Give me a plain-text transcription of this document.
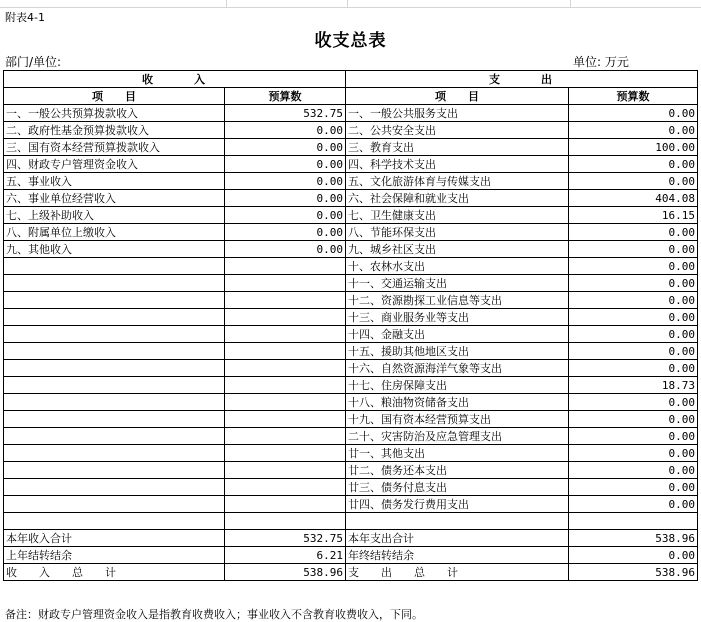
附表4-1
收支总表
部门/单位:	单位: 万元
收　　　入		支　　　出	
项　　目	预算数	项　　目	预算数
一、一般公共预算拨款收入	532.75	一、一般公共服务支出	0.00
二、政府性基金预算拨款收入	0.00	二、公共安全支出	0.00
三、国有资本经营预算拨款收入	0.00	三、教育支出	100.00
四、财政专户管理资金收入	0.00	四、科学技术支出	0.00
五、事业收入	0.00	五、文化旅游体育与传媒支出	0.00
六、事业单位经营收入	0.00	六、社会保障和就业支出	404.08
七、上级补助收入	0.00	七、卫生健康支出	16.15
八、附属单位上缴收入	0.00	八、节能环保支出	0.00
九、其他收入	0.00	九、城乡社区支出	0.00
		十、农林水支出	0.00
		十一、交通运输支出	0.00
		十二、资源勘探工业信息等支出	0.00
		十三、商业服务业等支出	0.00
		十四、金融支出	0.00
		十五、援助其他地区支出	0.00
		十六、自然资源海洋气象等支出	0.00
		十七、住房保障支出	18.73
		十八、粮油物资储备支出	0.00
		十九、国有资本经营预算支出	0.00
		二十、灾害防治及应急管理支出	0.00
		廿一、其他支出	0.00
		廿二、债务还本支出	0.00
		廿三、债务付息支出	0.00
		廿四、债务发行费用支出	0.00

本年收入合计	532.75	本年支出合计	538.96
上年结转结余	6.21	年终结转结余	0.00
收　　入　　总　　计	538.96	支　　出　　总　　计	538.96
备注：财政专户管理资金收入是指教育收费收入；事业收入不含教育收费收入，下同。
